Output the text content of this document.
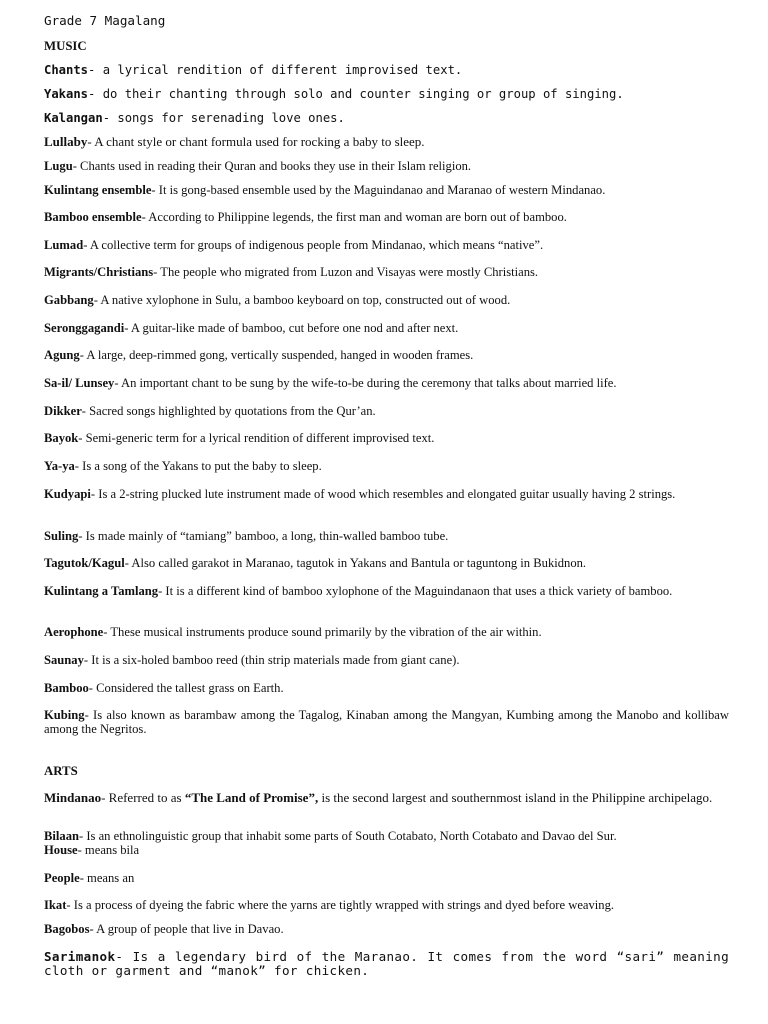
Grade 7 Magalang
MUSIC
Chants- a lyrical rendition of different improvised text.
Yakans- do their chanting through solo and counter singing or group of singing.
Kalangan- songs for serenading love ones.
Lullaby- A chant style or chant formula used for rocking a baby to sleep.
Lugu- Chants used in reading their Quran and books they use in their Islam religion.
Kulintang ensemble- It is gong-based ensemble used by the Maguindanao and Maranao of western Mindanao.
Bamboo ensemble- According to Philippine legends, the first man and woman are born out of bamboo.
Lumad- A collective term for groups of indigenous people from Mindanao, which means “native”.
Migrants/Christians- The people who migrated from Luzon and Visayas were mostly Christians.
Gabbang- A native xylophone in Sulu, a bamboo keyboard on top, constructed out of wood.
Seronggagandi- A guitar-like made of bamboo, cut before one nod and after next.
Agung- A large, deep-rimmed gong, vertically suspended, hanged in wooden frames.
Sa-il/ Lunsey- An important chant to be sung by the wife-to-be during the ceremony that talks about married life.
Dikker- Sacred songs highlighted by quotations from the Qur’an.
Bayok- Semi-generic term for a lyrical rendition of different improvised text.
Ya-ya- Is a song of the Yakans to put the baby to sleep.
Kudyapi- Is a 2-string plucked lute instrument made of wood which resembles and elongated guitar usually having 2 strings.
Suling- Is made mainly of “tamiang” bamboo, a long, thin-walled bamboo tube.
Tagutok/Kagul- Also called garakot in Maranao, tagutok in Yakans and Bantula or taguntong in Bukidnon.
Kulintang a Tamlang- It is a different kind of bamboo xylophone of the Maguindanaon that uses a thick variety of bamboo.
Aerophone- These musical instruments produce sound primarily by the vibration of the air within.
Saunay- It is a six-holed bamboo reed (thin strip materials made from giant cane).
Bamboo- Considered the tallest grass on Earth.
Kubing- Is also known as barambaw among the Tagalog, Kinaban among the Mangyan, Kumbing among the Manobo and kollibaw among the Negritos.
ARTS
Mindanao- Referred to as “The Land of Promise”, is the second largest and southernmost island in the Philippine archipelago.
Bilaan- Is an ethnolinguistic group that inhabit some parts of South Cotabato, North Cotabato and Davao del Sur.
House- means bila
People- means an
Ikat- Is a process of dyeing the fabric where the yarns are tightly wrapped with strings and dyed before weaving.
Bagobos- A group of people that live in Davao.
Sarimanok- Is a legendary bird of the Maranao. It comes from the word “sari” meaning cloth or garment and “manok” for chicken.
